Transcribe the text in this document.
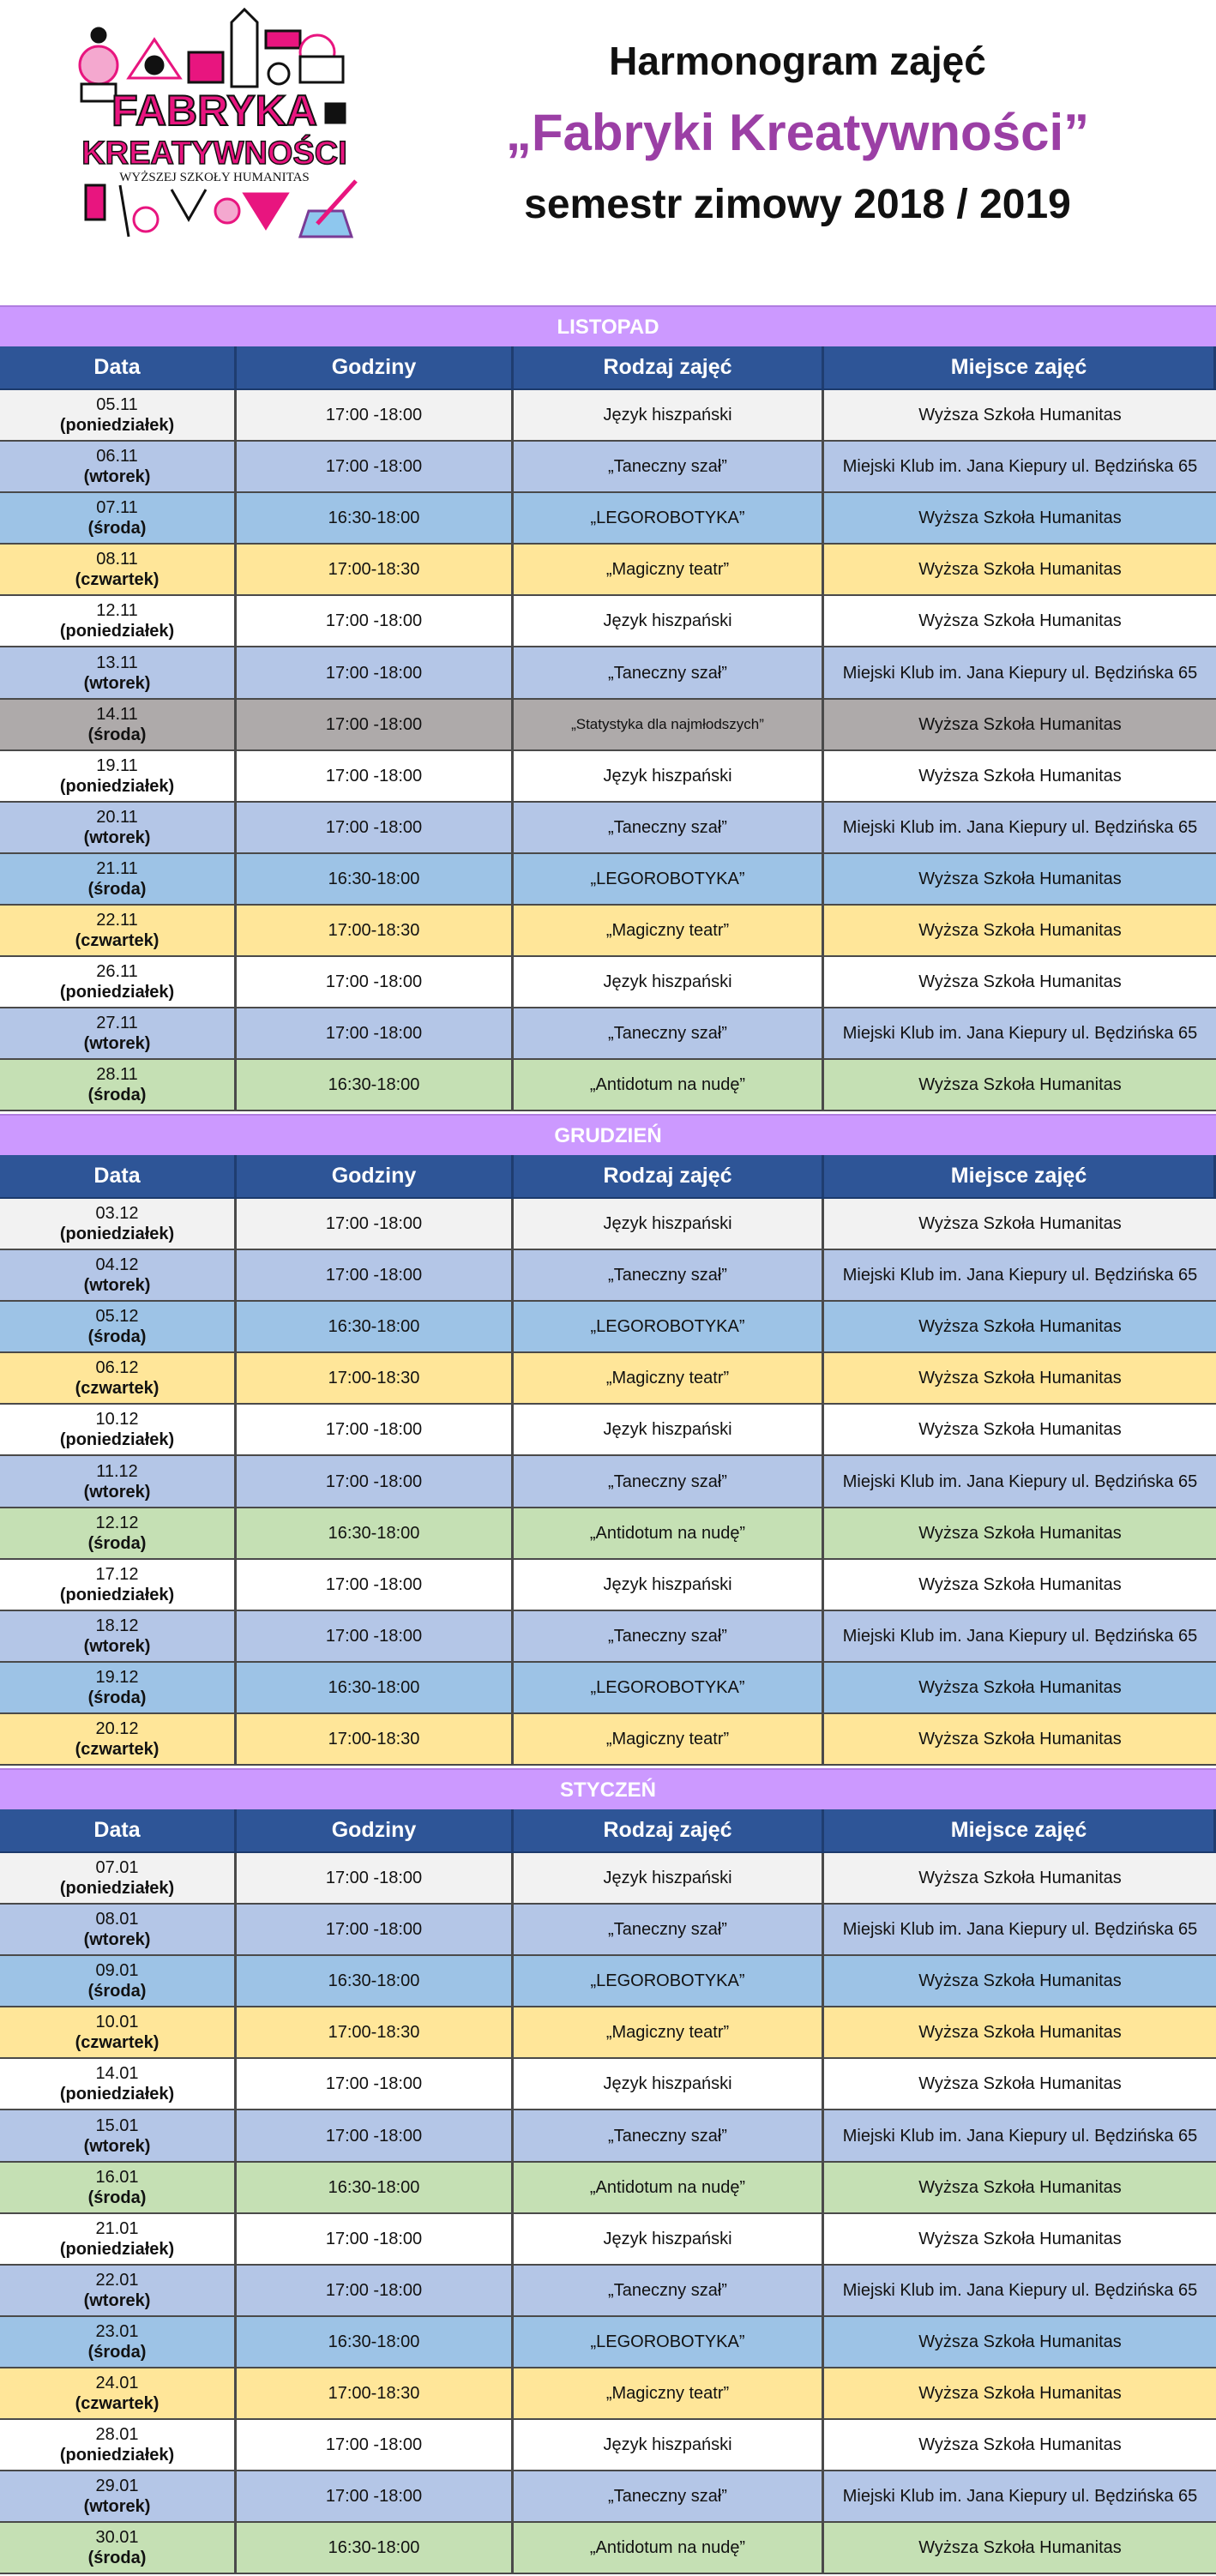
FABRYKA
KREATYWNOŚCI
WYŻSZEJ SZKOŁY HUMANITAS
Harmonogram zajęć
„Fabryki Kreatywności”
semestr zimowy 2018 / 2019
LISTOPAD
Data	Godziny	Rodzaj zajęć	Miejsce zajęć
05.11
(poniedziałek)
17:00 -18:00	Język hiszpański	Wyższa Szkoła Humanitas
06.11
(wtorek)
17:00 -18:00	„Taneczny szał”	Miejski Klub im. Jana Kiepury ul. Będzińska 65
07.11
(środa)
16:30-18:00	„LEGOROBOTYKA”	Wyższa Szkoła Humanitas
08.11
(czwartek)
17:00-18:30	„Magiczny teatr”	Wyższa Szkoła Humanitas
12.11
(poniedziałek)
17:00 -18:00	Język hiszpański	Wyższa Szkoła Humanitas
13.11
(wtorek)
17:00 -18:00	„Taneczny szał”	Miejski Klub im. Jana Kiepury ul. Będzińska 65
14.11
(środa)
17:00 -18:00	„Statystyka dla najmłodszych”	Wyższa Szkoła Humanitas
19.11
(poniedziałek)
17:00 -18:00	Język hiszpański	Wyższa Szkoła Humanitas
20.11
(wtorek)
17:00 -18:00	„Taneczny szał”	Miejski Klub im. Jana Kiepury ul. Będzińska 65
21.11
(środa)
16:30-18:00	„LEGOROBOTYKA”	Wyższa Szkoła Humanitas
22.11
(czwartek)
17:00-18:30	„Magiczny teatr”	Wyższa Szkoła Humanitas
26.11
(poniedziałek)
17:00 -18:00	Język hiszpański	Wyższa Szkoła Humanitas
27.11
(wtorek)
17:00 -18:00	„Taneczny szał”	Miejski Klub im. Jana Kiepury ul. Będzińska 65
28.11
(środa)
16:30-18:00	„Antidotum na nudę”	Wyższa Szkoła Humanitas
GRUDZIEŃ
Data	Godziny	Rodzaj zajęć	Miejsce zajęć
03.12
(poniedziałek)
17:00 -18:00	Język hiszpański	Wyższa Szkoła Humanitas
04.12
(wtorek)
17:00 -18:00	„Taneczny szał”	Miejski Klub im. Jana Kiepury ul. Będzińska 65
05.12
(środa)
16:30-18:00	„LEGOROBOTYKA”	Wyższa Szkoła Humanitas
06.12
(czwartek)
17:00-18:30	„Magiczny teatr”	Wyższa Szkoła Humanitas
10.12
(poniedziałek)
17:00 -18:00	Język hiszpański	Wyższa Szkoła Humanitas
11.12
(wtorek)
17:00 -18:00	„Taneczny szał”	Miejski Klub im. Jana Kiepury ul. Będzińska 65
12.12
(środa)
16:30-18:00	„Antidotum na nudę”	Wyższa Szkoła Humanitas
17.12
(poniedziałek)
17:00 -18:00	Język hiszpański	Wyższa Szkoła Humanitas
18.12
(wtorek)
17:00 -18:00	„Taneczny szał”	Miejski Klub im. Jana Kiepury ul. Będzińska 65
19.12
(środa)
16:30-18:00	„LEGOROBOTYKA”	Wyższa Szkoła Humanitas
20.12
(czwartek)
17:00-18:30	„Magiczny teatr”	Wyższa Szkoła Humanitas
STYCZEŃ
Data	Godziny	Rodzaj zajęć	Miejsce zajęć
07.01
(poniedziałek)
17:00 -18:00	Język hiszpański	Wyższa Szkoła Humanitas
08.01
(wtorek)
17:00 -18:00	„Taneczny szał”	Miejski Klub im. Jana Kiepury ul. Będzińska 65
09.01
(środa)
16:30-18:00	„LEGOROBOTYKA”	Wyższa Szkoła Humanitas
10.01
(czwartek)
17:00-18:30	„Magiczny teatr”	Wyższa Szkoła Humanitas
14.01
(poniedziałek)
17:00 -18:00	Język hiszpański	Wyższa Szkoła Humanitas
15.01
(wtorek)
17:00 -18:00	„Taneczny szał”	Miejski Klub im. Jana Kiepury ul. Będzińska 65
16.01
(środa)
16:30-18:00	„Antidotum na nudę”	Wyższa Szkoła Humanitas
21.01
(poniedziałek)
17:00 -18:00	Język hiszpański	Wyższa Szkoła Humanitas
22.01
(wtorek)
17:00 -18:00	„Taneczny szał”	Miejski Klub im. Jana Kiepury ul. Będzińska 65
23.01
(środa)
16:30-18:00	„LEGOROBOTYKA”	Wyższa Szkoła Humanitas
24.01
(czwartek)
17:00-18:30	„Magiczny teatr”	Wyższa Szkoła Humanitas
28.01
(poniedziałek)
17:00 -18:00	Język hiszpański	Wyższa Szkoła Humanitas
29.01
(wtorek)
17:00 -18:00	„Taneczny szał”	Miejski Klub im. Jana Kiepury ul. Będzińska 65
30.01
(środa)
16:30-18:00	„Antidotum na nudę”	Wyższa Szkoła Humanitas
